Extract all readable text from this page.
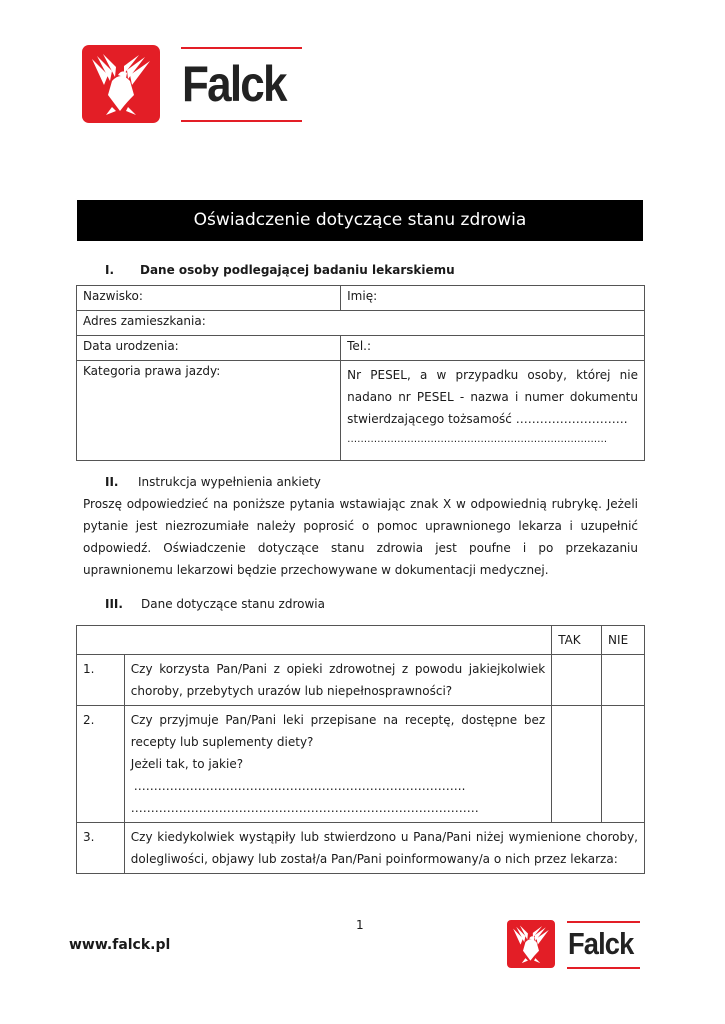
Falck
Oświadczenie dotyczące stanu zdrowia
I. Dane osoby podlegającej badaniu lekarskiemu
Nazwisko:	Imię:
Adres zamieszkania:	
Data urodzenia:	Tel.:
Kategoria prawa jazdy:	Nr PESEL, a w przypadku osoby, której nie nadano nr PESEL - nazwa i numer dokumentu stwierdzającego tożsamość ……………………….
……………………………………………………………………
II. Instrukcja wypełnienia ankiety
Proszę odpowiedzieć na poniższe pytania wstawiając znak X w odpowiednią rubrykę. Jeżeli pytanie jest niezrozumiałe należy poprosić o pomoc uprawnionego lekarza i uzupełnić odpowiedź. Oświadczenie dotyczące stanu zdrowia jest poufne i po przekazaniu uprawnionemu lekarzowi będzie przechowywane w dokumentacji medycznej.
III. Dane dotyczące stanu zdrowia
		TAK	NIE
1.	Czy korzysta Pan/Pani z opieki zdrowotnej z powodu jakiejkolwiek choroby, przebytych urazów lub niepełnosprawności?		
2.	Czy przyjmuje Pan/Pani leki przepisane na receptę, dostępne bez recepty lub suplementy diety?
Jeżeli tak, to jakie?
………………………………………………………………………..
……………………………………………………………………………		

3.	Czy kiedykolwiek wystąpiły lub stwierdzono u Pana/Pani niżej wymienione choroby, dolegliwości, objawy lub został/a Pan/Pani poinformowany/a o nich przez lekarza:		
1
www.falck.pl	Falck
